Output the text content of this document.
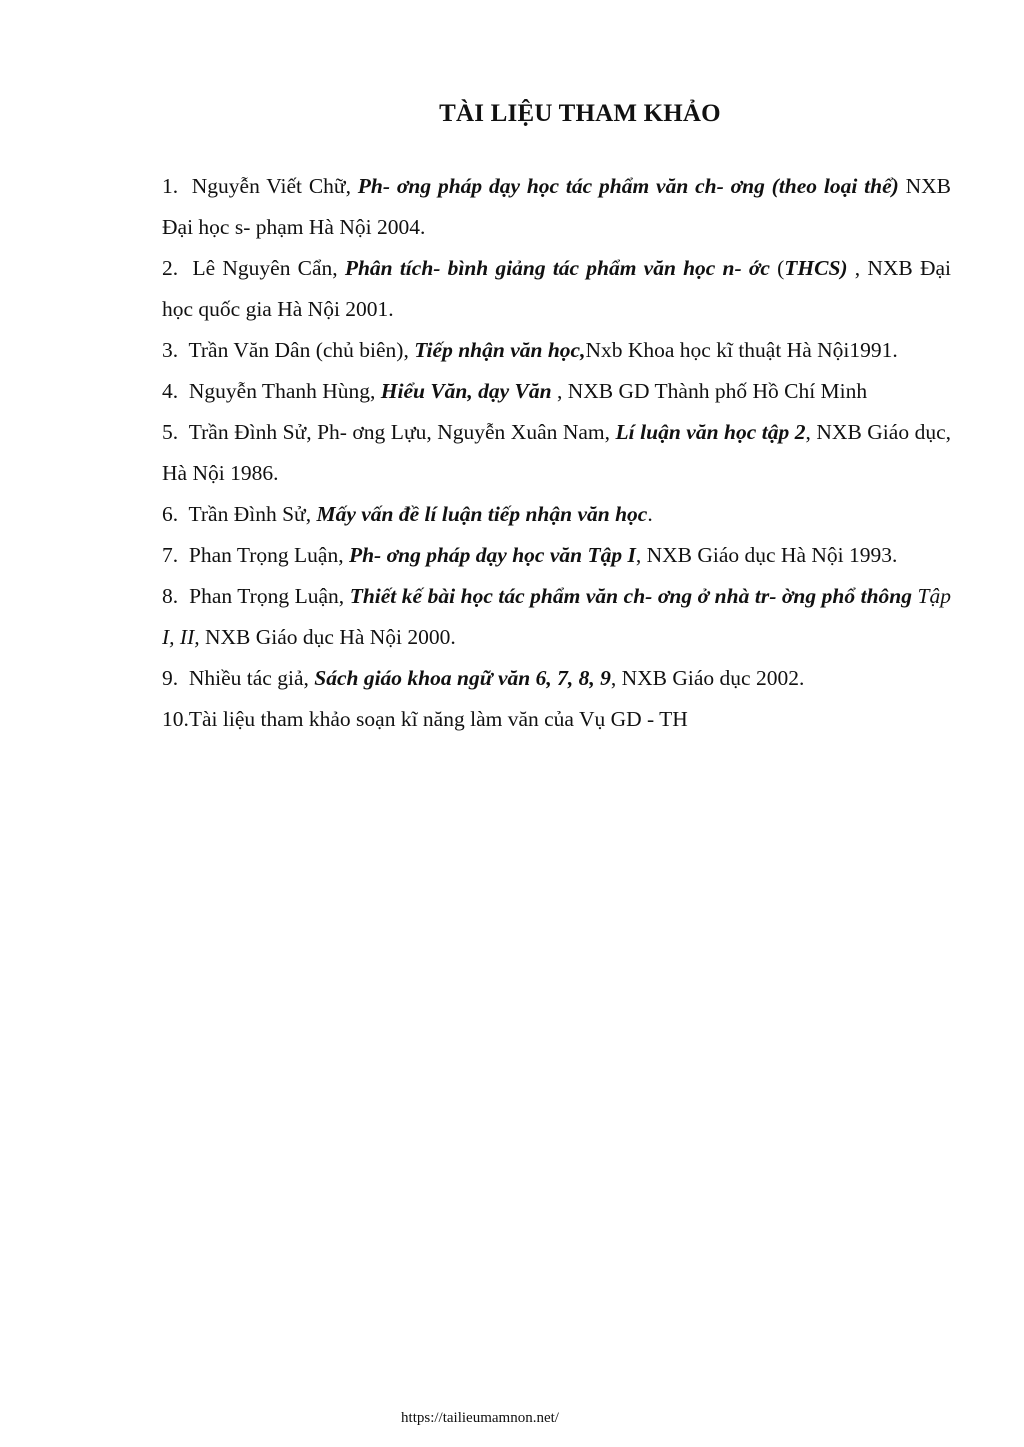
TÀI LIỆU THAM KHẢO
1. Nguyễn Viết Chữ, Ph- ơng pháp dạy học tác phẩm văn ch- ơng (theo loại thể) NXB Đại học s- phạm Hà Nội 2004.
2. Lê Nguyên Cẩn, Phân tích- bình giảng tác phẩm văn học n- ớc (THCS) , NXB Đại học quốc gia Hà Nội 2001.
3. Trần Văn Dân (chủ biên), Tiếp nhận văn học,Nxb Khoa học kĩ thuật Hà Nội1991.
4. Nguyễn Thanh Hùng, Hiểu Văn, dạy Văn , NXB GD Thành phố Hồ Chí Minh
5. Trần Đình Sử, Ph- ơng Lựu, Nguyễn Xuân Nam, Lí luận văn học tập 2, NXB Giáo dục, Hà Nội 1986.
6. Trần Đình Sử, Mấy vấn đề lí luận tiếp nhận văn học.
7. Phan Trọng Luận, Ph- ơng pháp dạy học văn Tập I, NXB Giáo dục Hà Nội 1993.
8. Phan Trọng Luận, Thiết kế bài học tác phẩm văn ch- ơng ở nhà tr- ờng phổ thông Tập I, II, NXB Giáo dục Hà Nội 2000.
9. Nhiều tác giả, Sách giáo khoa ngữ văn 6, 7, 8, 9, NXB Giáo dục 2002.
10.Tài liệu tham khảo soạn kĩ năng làm văn của Vụ GD - TH
https://tailieumamnon.net/
